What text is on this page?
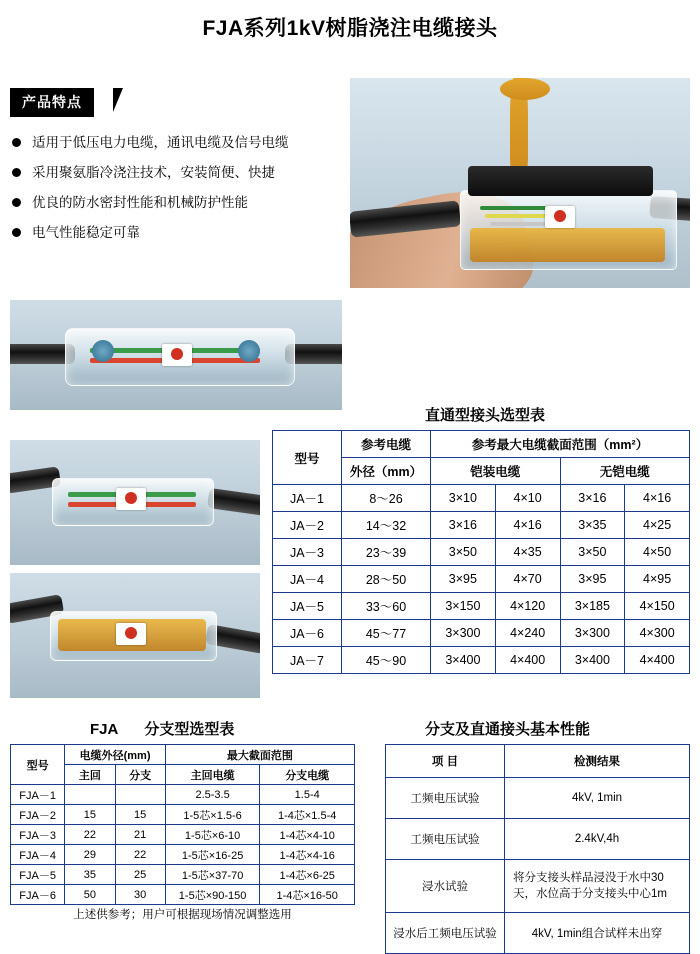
FJA系列1kV树脂浇注电缆接头
产品特点
适用于低压电力电缆，通讯电缆及信号电缆
采用聚氨脂冷浇注技术，安装简便、快捷
优良的防水密封性能和机械防护性能
电气性能稳定可靠
直通型接头选型表
型号	参考电缆	参考最大电缆截面范围（mm²）			
	外径（mm）	铠装电缆		无铠电缆	
JA－1	8～26	3×10	4×10	3×16	4×16
JA－2	14～32	3×16	4×16	3×35	4×25
JA－3	23～39	3×50	4×35	3×50	4×50
JA－4	28～50	3×95	4×70	3×95	4×95
JA－5	33～60	3×150	4×120	3×185	4×150
JA－6	45～77	3×300	4×240	3×300	4×300
JA－7	45～90	3×400	4×400	3×400	4×400
FJA 分支型选型表	分支及直通接头基本性能
型号	电缆外径(mm)		最大截面范围	
	主回	分支	主回电缆	分支电缆
FJA－1			2.5-3.5	1.5-4
FJA－2	15	15	1-5芯×1.5-6	1-4芯×1.5-4
FJA－3	22	21	1-5芯×6-10	1-4芯×4-10
FJA－4	29	22	1-5芯×16-25	1-4芯×4-16
FJA－5	35	25	1-5芯×37-70	1-4芯×6-25
FJA－6	50	30	1-5芯×90-150	1-4芯×16-50
上述供参考；用户可根据现场情况调整选用
项 目	检测结果
工频电压试验	4kV, 1min
工频电压试验	2.4kV,4h
浸水试验	将分支接头样品浸没于水中30天，水位高于分支接头中心1m
浸水后工频电压试验	4kV, 1min组合试样未出穿
